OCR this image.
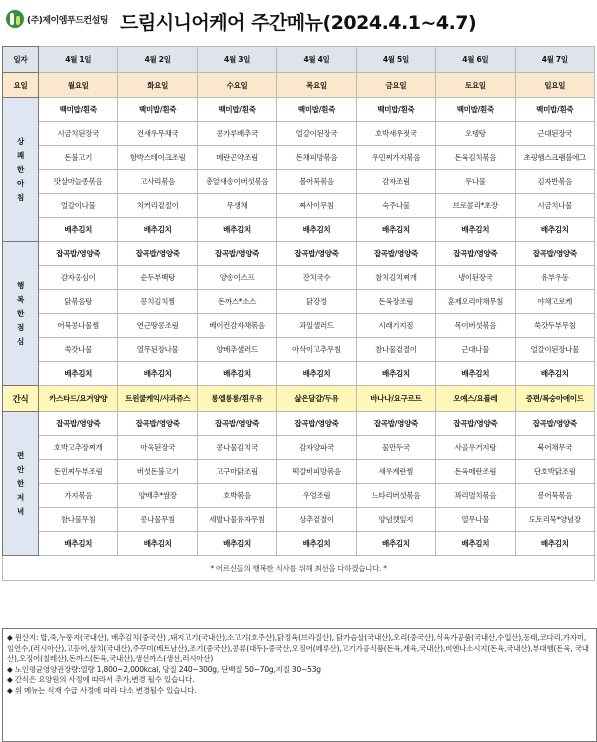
(주)제이엠푸드컨설팅 드림시니어케어 주간메뉴(2024.4.1~4.7)
일자	4월 1일	4월 2일	4월 3일	4월 4일	4월 5일	4월 6일	4월 7일
요일	월요일	화요일	수요일	목요일	금요일	토요일	일요일
상쾌한아침	백미밥/흰죽	백미밥/흰죽	백미밥/흰죽	백미밥/흰죽	백미밥/흰죽	백미밥/흰죽	백미밥/흰죽
	시금치된장국	건새우무채국	콩가루배추국	얼갈이된장국	호박새우젓국	오뎅탕	근대된장국
	돈불고기	함박스테이크조림	메란곤약조림	돈채피망볶음	우민찌가지볶음	돈육김치볶음	초핑햄스크램블에그
	맛살마늘종볶음	고사리볶음	총알새송이버섯볶음	볼어묵볶음	감자조림	무나물	김자반볶음
	얼갈이나물	치커리겉절이	무생채	짜사이무침	숙주나물	브로콜리*초장	시금치나물
	배추김치	배추김치	배추김치	배추김치	배추김치	배추김치	배추김치
행복한점심	잡곡밥/영양죽	잡곡밥/영양죽	잡곡밥/영양죽	잡곡밥/영양죽	잡곡밥/영양죽	잡곡밥/영양죽	잡곡밥/영양죽
	감자옹심이	순두부백탕	양송이스프	잔치국수	참치김치찌개	냉이된장국	유부우동
	닭볶음탕	꽁치김치찜	돈까스*소스	닭강정	돈육장조림	훈제오리야채무침	야채고로케
	어묵콩나물찜	연근땅콩조림	베이컨감자채볶음	과일샐러드	시래기지짐	목이버섯볶음	쑥갓두부무침
	쑥갓나물	열무된장나물	양배추샐러드	아삭이고추무침	참나물겉절이	근대나물	얼갈이된장나물
	배추김치	배추김치	배추김치	배추김치	배추김치	배추김치	배추김치
간식	카스타드/요거양양	트윈쿨케익/사과쥬스	롱엘롱롱/흰우유	삶은달걀/두유	바나나/요구르트	오예스/요플레	증편/복숭아에이드
편안한저녁	잡곡밥/영양죽	잡곡밥/영양죽	잡곡밥/영양죽	잡곡밥/영양죽	잡곡밥/영양죽	잡곡밥/영양죽	잡곡밥/영양죽
	호박고추장찌개	아욱된장국	콩나물김치국	감자양파국	물만두국	사골우거지탕	북어채무국
	돈민찌두부조림	버섯돈불고기	고구마닭조림	떡갈비피망볶음	새우계란찜	돈육메란조림	단호박닭조림
	가지볶음	양배추*쌈장	호박볶음	우엉조림	느타리버섯볶음	꽈리멸치볶음	봉어묵볶음
	참나물무침	콩나물무침	세발나물유자무침	상추겉절이	양념깻잎지	열무나물	도토리묵*양념장
	배추김치	배추김치	배추김치	배추김치	배추김치	배추김치	배추김치
* 어르신들의 행복한 식사를 위해 최선을 다하겠습니다. *							

◆ 원산지: 밥,죽,누룽지(국내산), 배추김치(중국산) ,돼지고기(국내산),소고기(호주산),닭정육(브라질산), 닭가슴살(국내산),오리(중국산),식육가공품(국내산,수입산),동태,코다리,가자미,임연수,(러시아산),고등어,삼치(국내산),주꾸미(베트남산),조기(중국산),콩류(대두)-중국산,오징어(페루산),고기가공식품(돈육,계육,국내산),비엔나소시지(돈육,국내산),부대햄(돈육, 국내산),오징어(칠레산),돈까스(돈육,국내산),생선까스(생선,러시아산)

◆ 노인평균영양권장량:열량 1,800~2,000kcal, 당질 240~300g, 단백질 50~70g,지질 30~53g

◆ 간식은 요양원의 사정에 따라서 추가,변경 될수 있습니다.

◆ 위 메뉴는 식재 수급 사정에 따라 다소 변경될수 있습니다.
